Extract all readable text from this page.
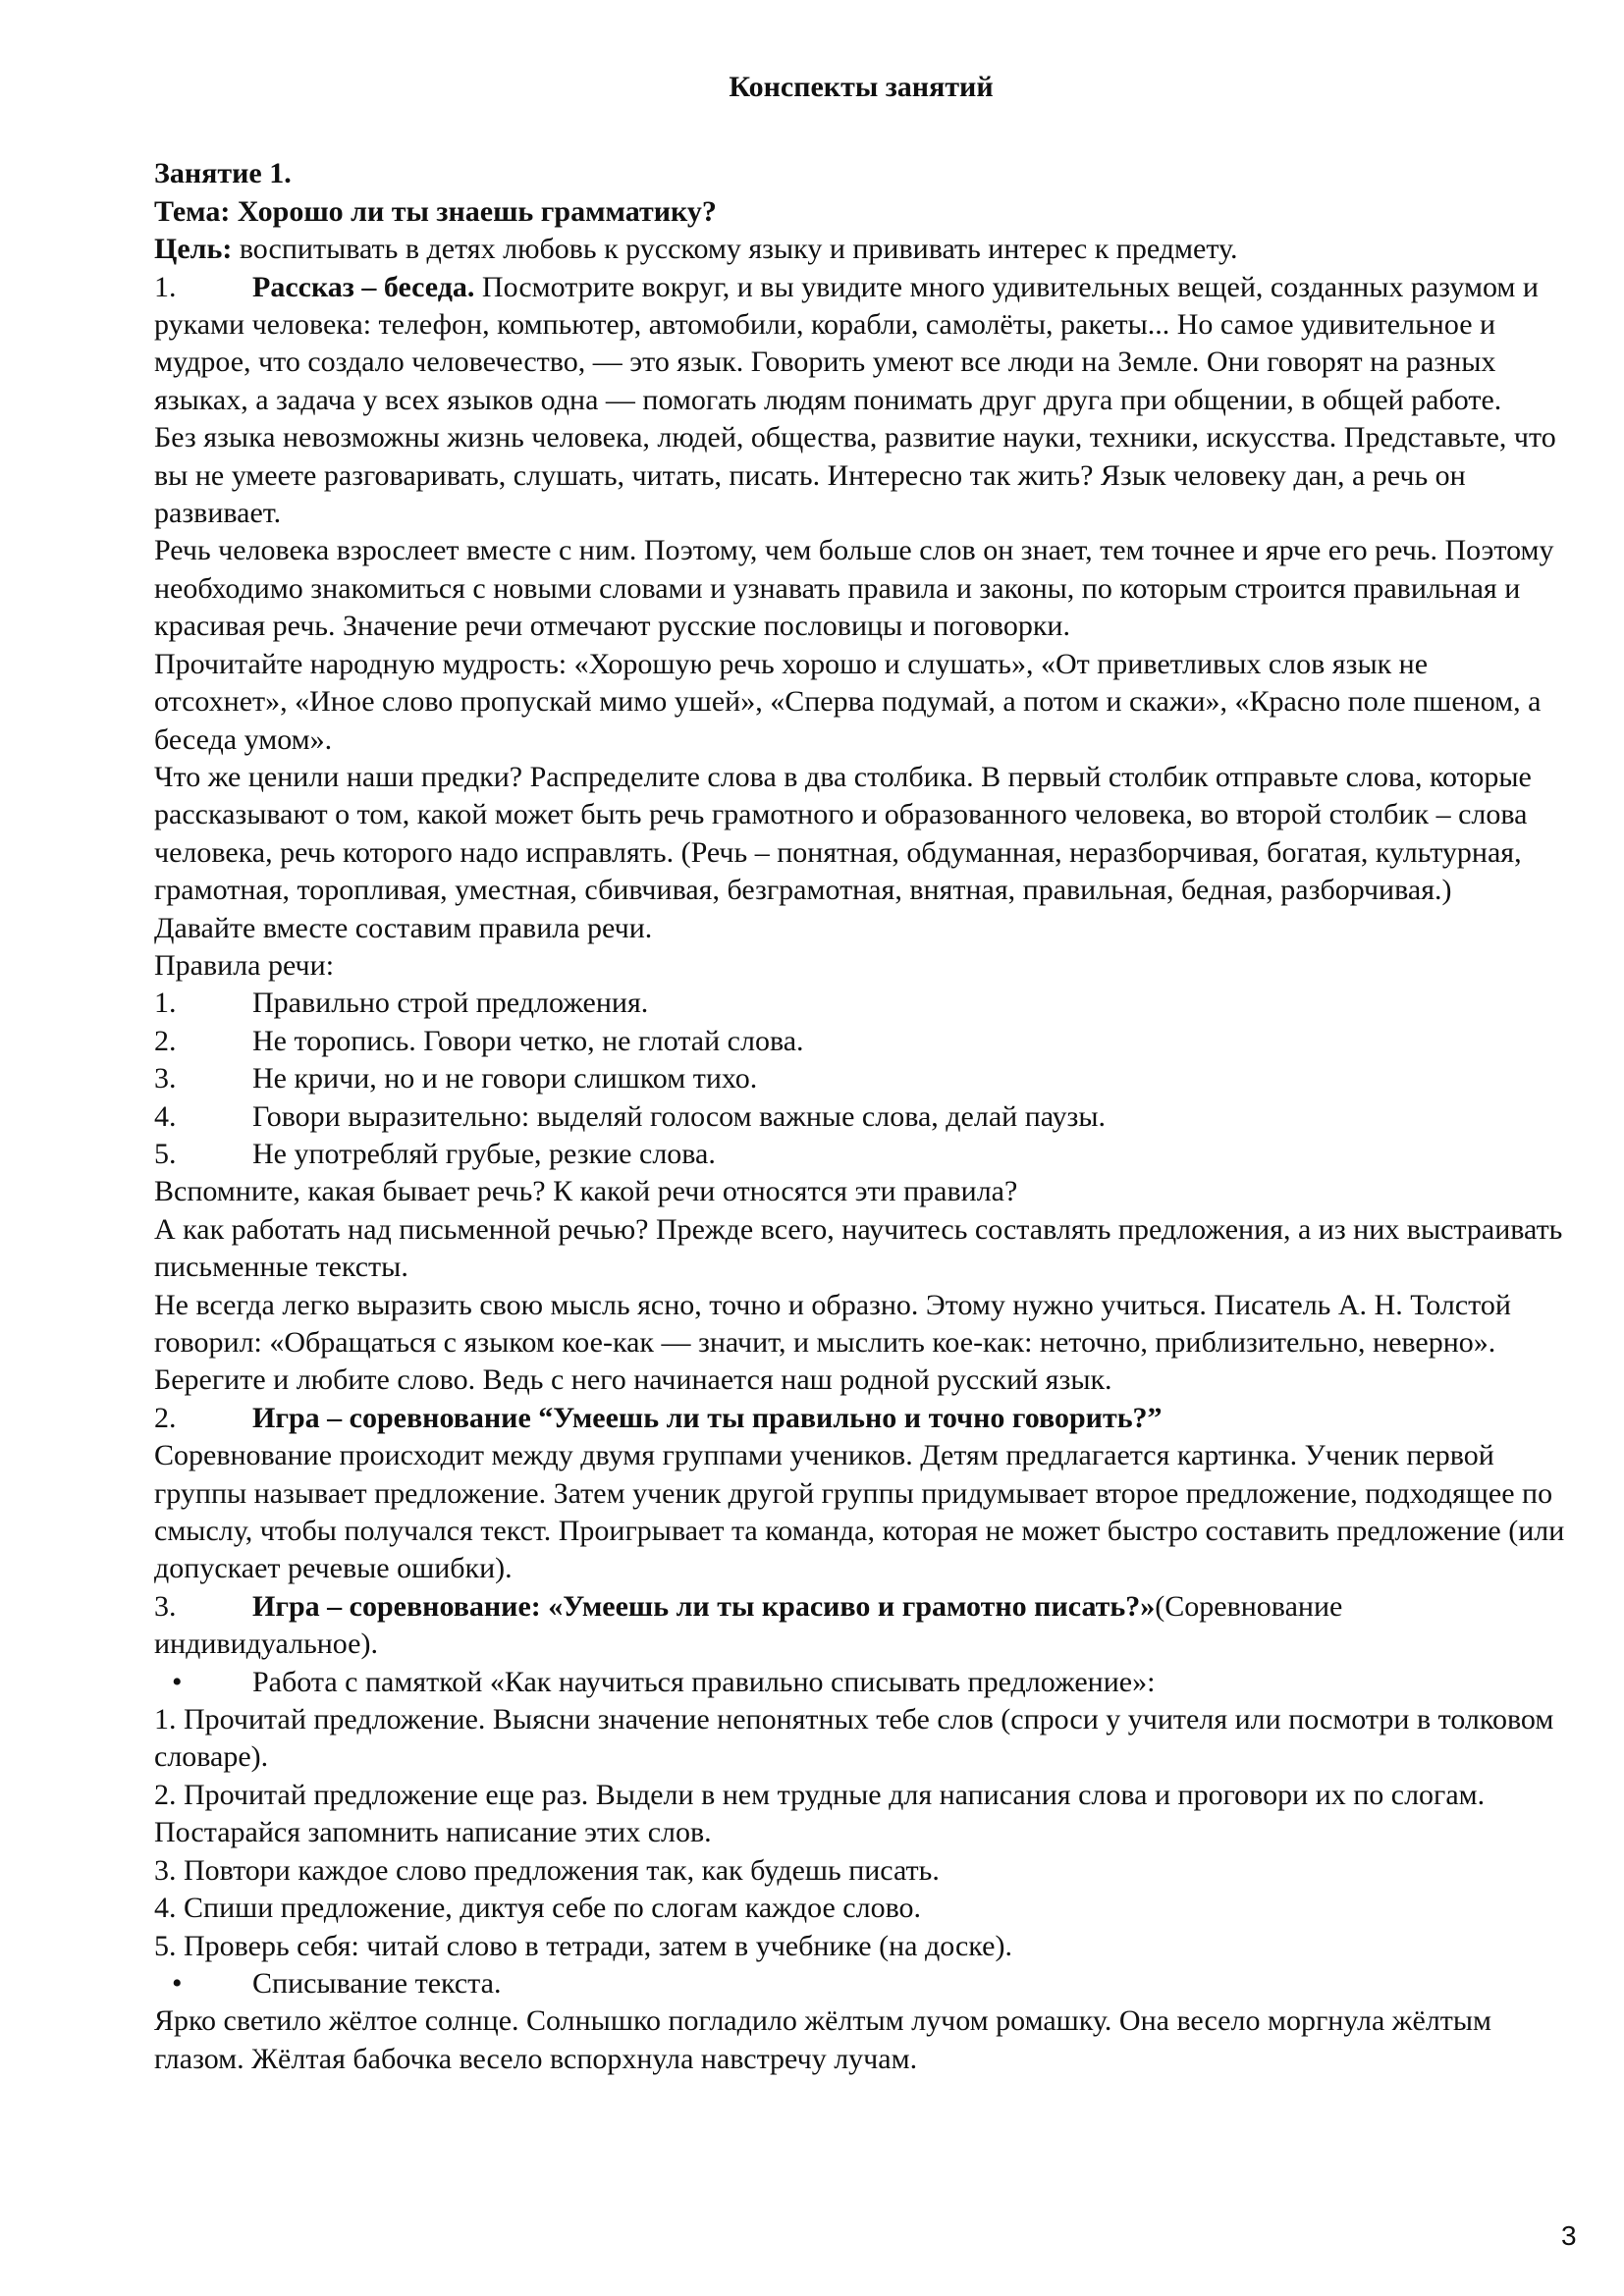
Конспекты занятий

Занятие 1.

Тема: Хорошо ли ты знаешь грамматику?

Цель: воспитывать в детях любовь к русскому языку и прививать интерес к предмету.

1.	Рассказ – беседа. Посмотрите вокруг, и вы увидите много удивительных вещей, созданных разумом и руками человека: телефон, компьютер, автомобили, корабли, самолёты, ракеты... Но самое удивительное и мудрое, что создало человечество, — это язык. Говорить умеют все люди на Земле. Они говорят на разных языках, а задача у всех языков одна — помогать людям понимать друг друга при общении, в общей работе.

Без языка невозможны жизнь человека, людей, общества, развитие науки, техники, искусства. Представьте, что вы не умеете разговаривать, слушать, читать, писать. Интересно так жить? Язык человеку дан, а речь он развивает.

Речь человека взрослеет вместе с ним. Поэтому, чем больше слов он знает, тем точнее и ярче его речь. Поэтому необходимо знакомиться с новыми словами и узнавать правила и законы, по которым строится правильная и красивая речь. Значение речи отмечают русские пословицы и поговорки.

Прочитайте народную мудрость: «Хорошую речь хорошо и слушать», «От приветливых слов язык не отсохнет», «Иное слово пропускай мимо ушей», «Сперва подумай, а потом и скажи», «Красно поле пшеном, а беседа умом».

Что же ценили наши предки? Распределите слова в два столбика. В первый столбик отправьте слова, которые рассказывают о том, какой может быть речь грамотного и образованного человека, во второй столбик – слова человека, речь которого надо исправлять. (Речь – понятная, обдуманная, неразборчивая, богатая, культурная, грамотная, торопливая, уместная, сбивчивая, безграмотная, внятная, правильная, бедная, разборчивая.)

Давайте вместе составим правила речи.

Правила речи:

1.	Правильно строй предложения.

2.	Не торопись. Говори четко, не глотай слова.

3.	Не кричи, но и не говори слишком тихо.

4.	Говори выразительно: выделяй голосом важные слова, делай паузы.

5.	Не употребляй грубые, резкие слова.

Вспомните, какая бывает речь? К какой речи относятся эти правила?

А как работать над письменной речью? Прежде всего, научитесь составлять предложения, а из них выстраивать письменные тексты.

Не всегда легко выразить свою мысль ясно, точно и образно. Этому нужно учиться. Писатель А. Н. Толстой говорил: «Обращаться с языком кое-как — значит, и мыслить кое-как: неточно, приблизительно, неверно». Берегите и любите слово. Ведь с него начинается наш родной русский язык.

2.	Игра – соревнование “Умеешь ли ты правильно и точно говорить?”

Соревнование происходит между двумя группами учеников. Детям предлагается картинка. Ученик первой группы называет предложение. Затем ученик другой группы придумывает второе предложение, подходящее по смыслу, чтобы получался текст. Проигрывает та команда, которая не может быстро составить предложение (или допускает речевые ошибки).

3.	Игра – соревнование: «Умеешь ли ты красиво и грамотно писать?»(Соревнование индивидуальное).

• Работа с памяткой «Как научиться правильно списывать предложение»:

1. Прочитай предложение. Выясни значение непонятных тебе слов (спроси у учителя или посмотри в толковом словаре).

2. Прочитай предложение еще раз. Выдели в нем трудные для написания слова и проговори их по слогам. Постарайся запомнить написание этих слов.

3. Повтори каждое слово предложения так, как будешь писать.

4. Спиши предложение, диктуя себе по слогам каждое слово.

5. Проверь себя: читай слово в тетради, затем в учебнике (на доске).

• Списывание текста.

Ярко светило жёлтое солнце. Солнышко погладило жёлтым лучом ромашку. Она весело моргнула жёлтым глазом. Жёлтая бабочка весело вспорхнула навстречу лучам.

3
